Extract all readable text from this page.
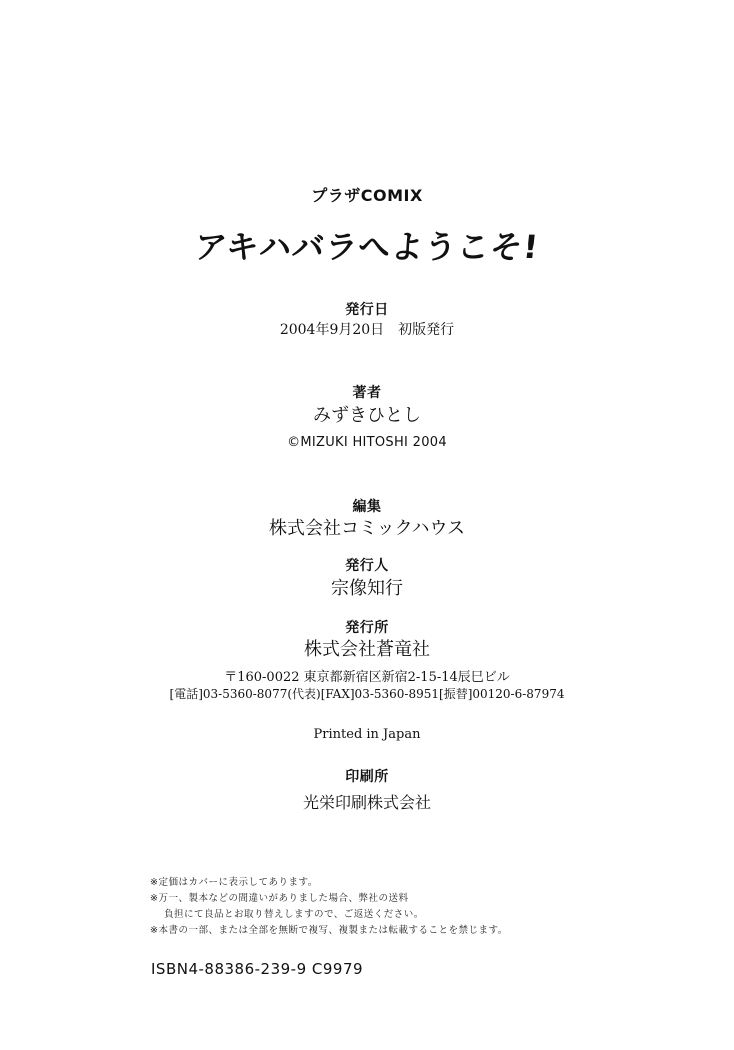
プラザCOMIX
アキハバラへようこそ!
発行日
2004年9月20日　初版発行
著者
みずきひとし
©MIZUKI HITOSHI 2004
編集
株式会社コミックハウス
発行人
宗像知行
発行所
株式会社蒼竜社
〒160-0022 東京都新宿区新宿2-15-14辰巳ビル
[電話]03-5360-8077(代表)[FAX]03-5360-8951[振替]00120-6-87974
Printed in Japan
印刷所
光栄印刷株式会社
※定価はカバーに表示してあります。
※万一、製本などの間違いがありました場合、弊社の送料
負担にて良品とお取り替えしますので、ご返送ください。
※本書の一部、または全部を無断で複写、複製または転載することを禁じます。
ISBN4-88386-239-9 C9979
